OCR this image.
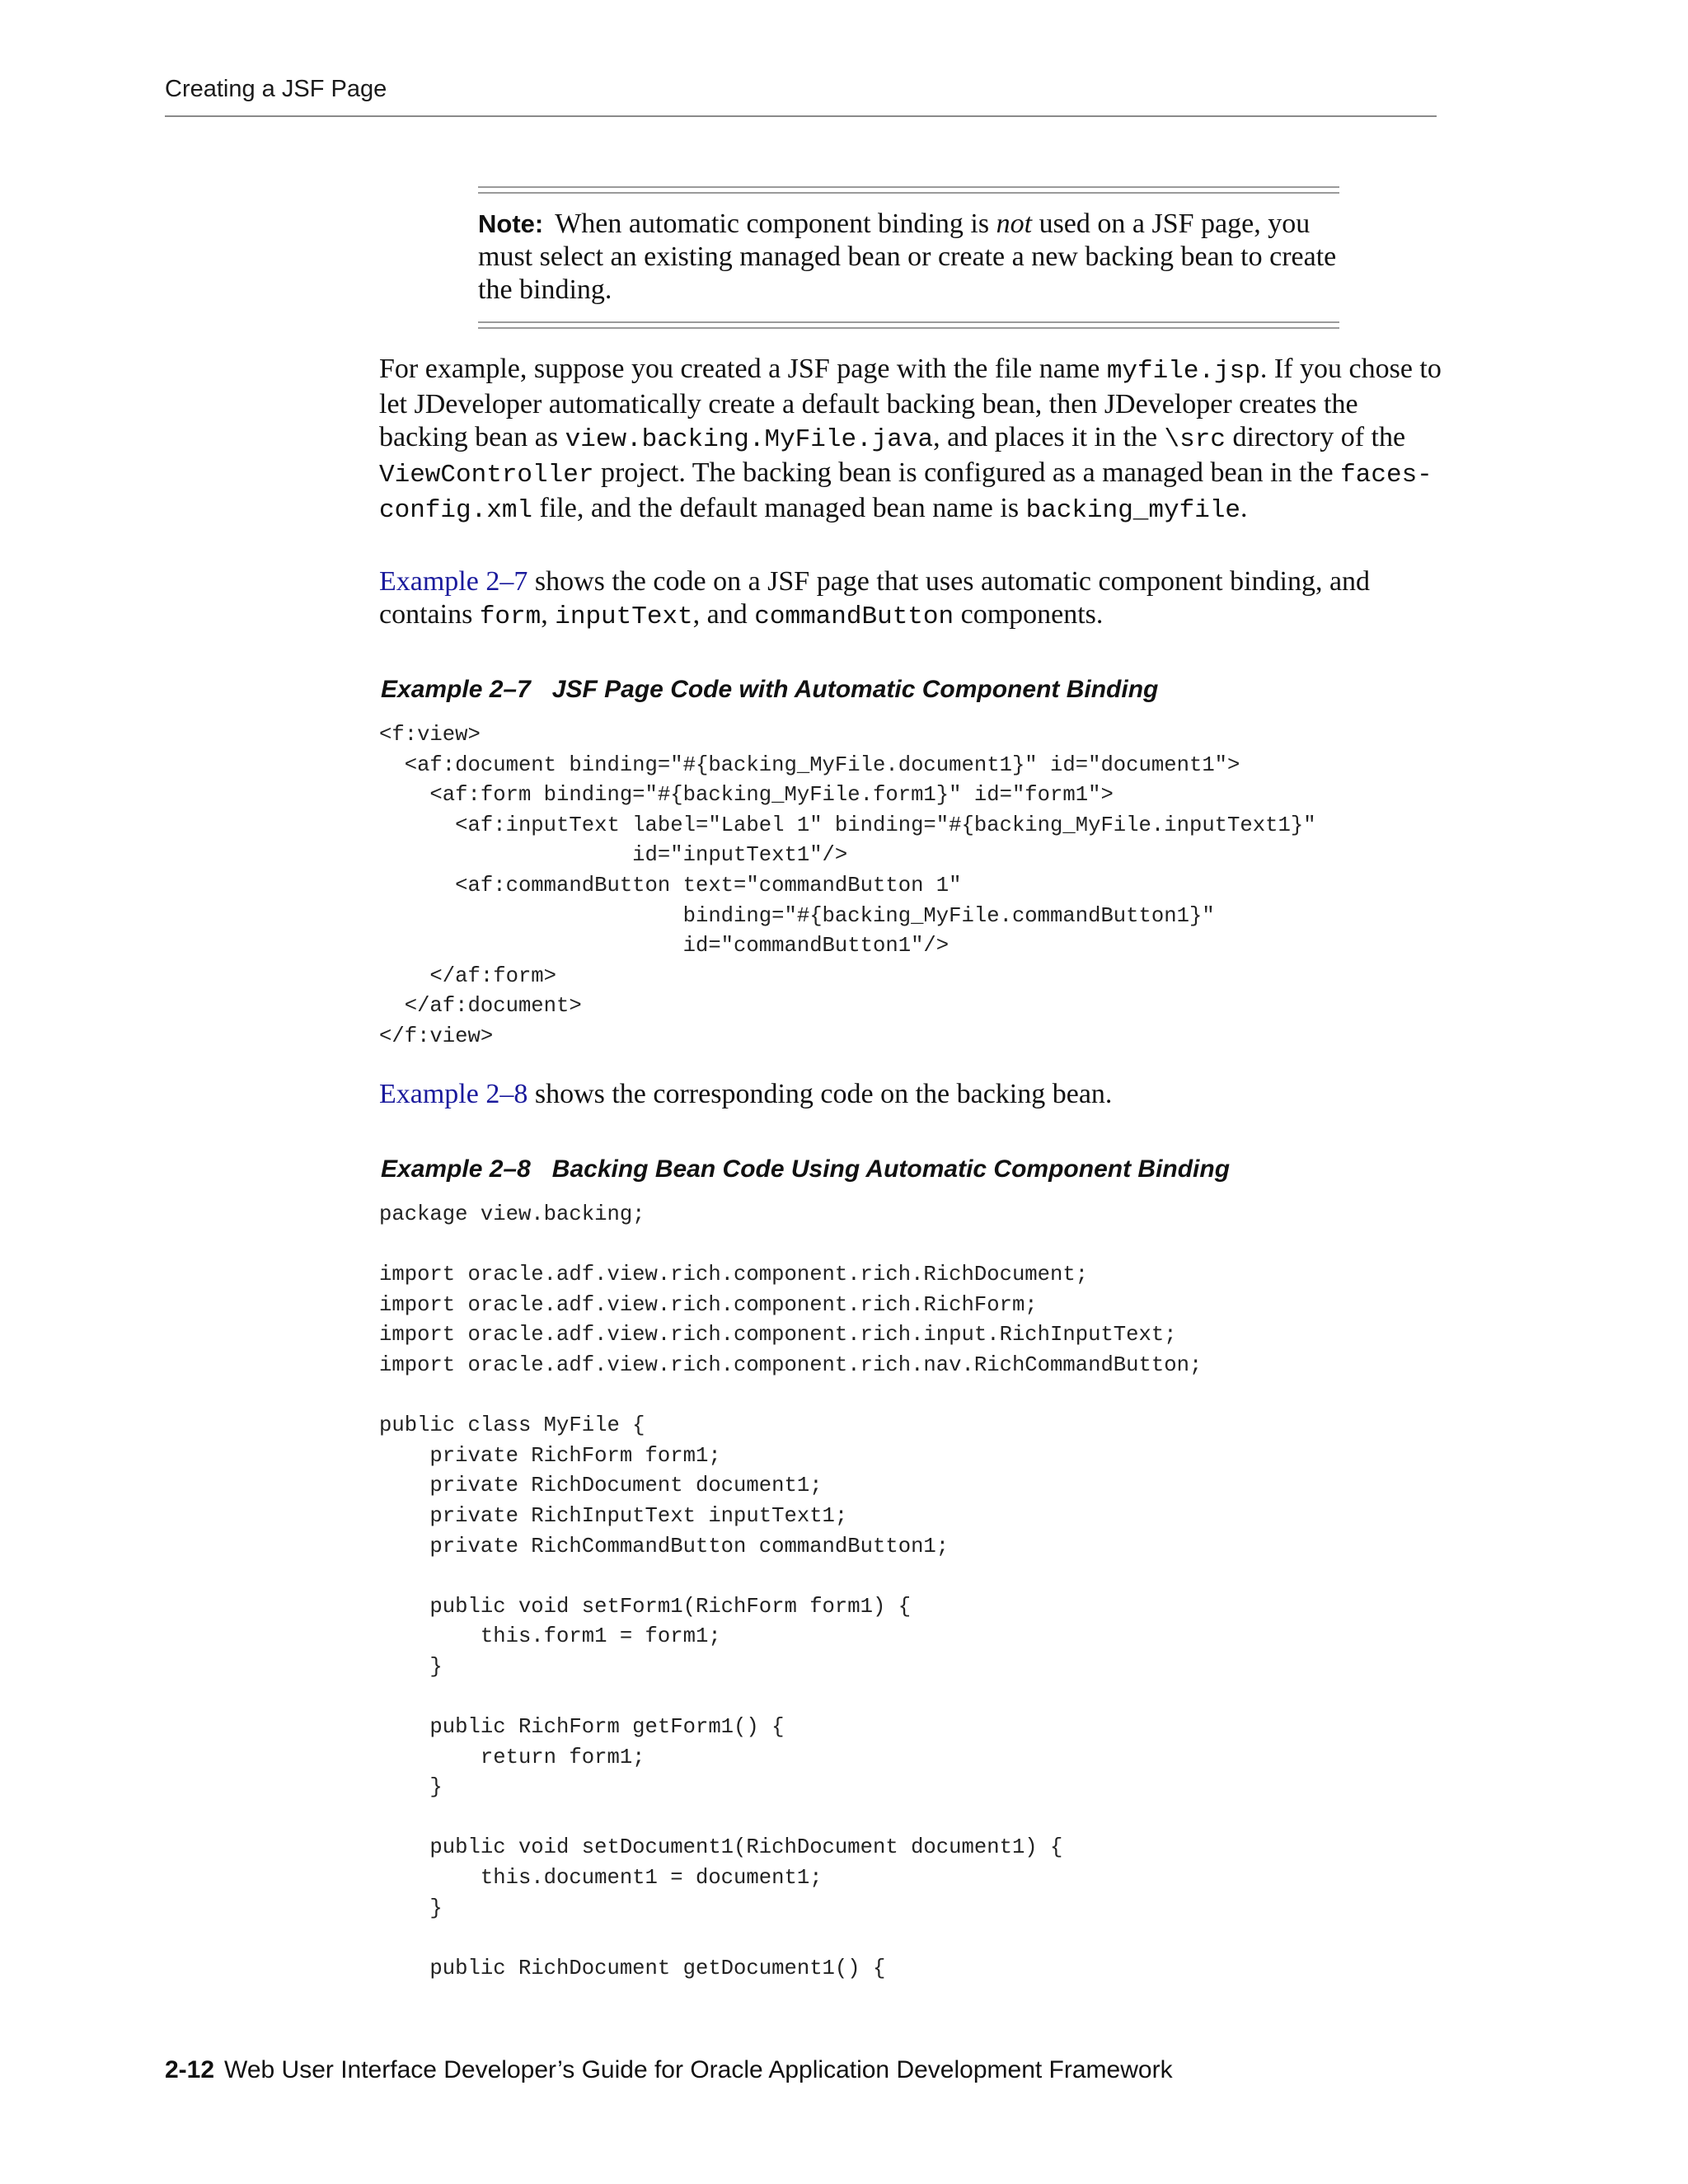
Creating a JSF Page
Note: When automatic component binding is not used on a JSF page, you must select an existing managed bean or create a new backing bean to create the binding.

For example, suppose you created a JSF page with the file name myfile.jsp. If you chose to let JDeveloper automatically create a default backing bean, then JDeveloper creates the backing bean as view.backing.MyFile.java, and places it in the \src directory of the ViewController project. The backing bean is configured as a managed bean in the faces-config.xml file, and the default managed bean name is backing_myfile.

Example 2–7 shows the code on a JSF page that uses automatic component binding, and contains form, inputText, and commandButton components.

Example 2–7 JSF Page Code with Automatic Component Binding
<f:view>
<af:document binding="#{backing_MyFile.document1}" id="document1">
<af:form binding="#{backing_MyFile.form1}" id="form1">
<af:inputText label="Label 1" binding="#{backing_MyFile.inputText1}"
id="inputText1"/>
<af:commandButton text="commandButton 1"
binding="#{backing_MyFile.commandButton1}"
id="commandButton1"/>
</af:form>
</af:document>
</f:view>

Example 2–8 shows the corresponding code on the backing bean.

Example 2–8 Backing Bean Code Using Automatic Component Binding
package view.backing;

import oracle.adf.view.rich.component.rich.RichDocument;
import oracle.adf.view.rich.component.rich.RichForm;
import oracle.adf.view.rich.component.rich.input.RichInputText;
import oracle.adf.view.rich.component.rich.nav.RichCommandButton;

public class MyFile {
private RichForm form1;
private RichDocument document1;
private RichInputText inputText1;
private RichCommandButton commandButton1;

public void setForm1(RichForm form1) {
this.form1 = form1;
}

public RichForm getForm1() {
return form1;
}

public void setDocument1(RichDocument document1) {
this.document1 = document1;
}

public RichDocument getDocument1() {
2-12 Web User Interface Developer’s Guide for Oracle Application Development Framework
